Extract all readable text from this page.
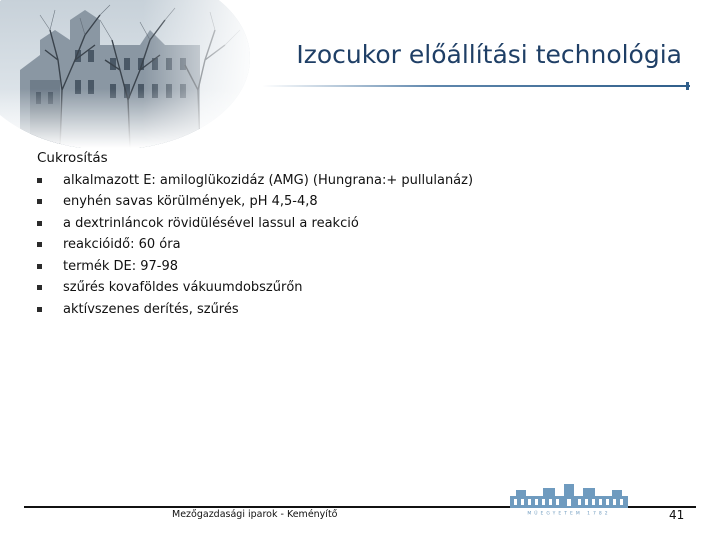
Izocukor előállítási technológia

Cukrosítás

alkalmazott E: amiloglükozidáz (AMG) (Hungrana:+ pullulanáz)
enyhén savas körülmények, pH 4,5-4,8
a dextrinláncok rövidülésével lassul a reakció
reakcióidő: 60 óra
termék DE: 97-98
szűrés kovaföldes vákuumdobszűrőn
aktívszenes derítés, szűrés
Mezőgazdasági iparok - Keményítő	MŰEGYETEM 1782	41
